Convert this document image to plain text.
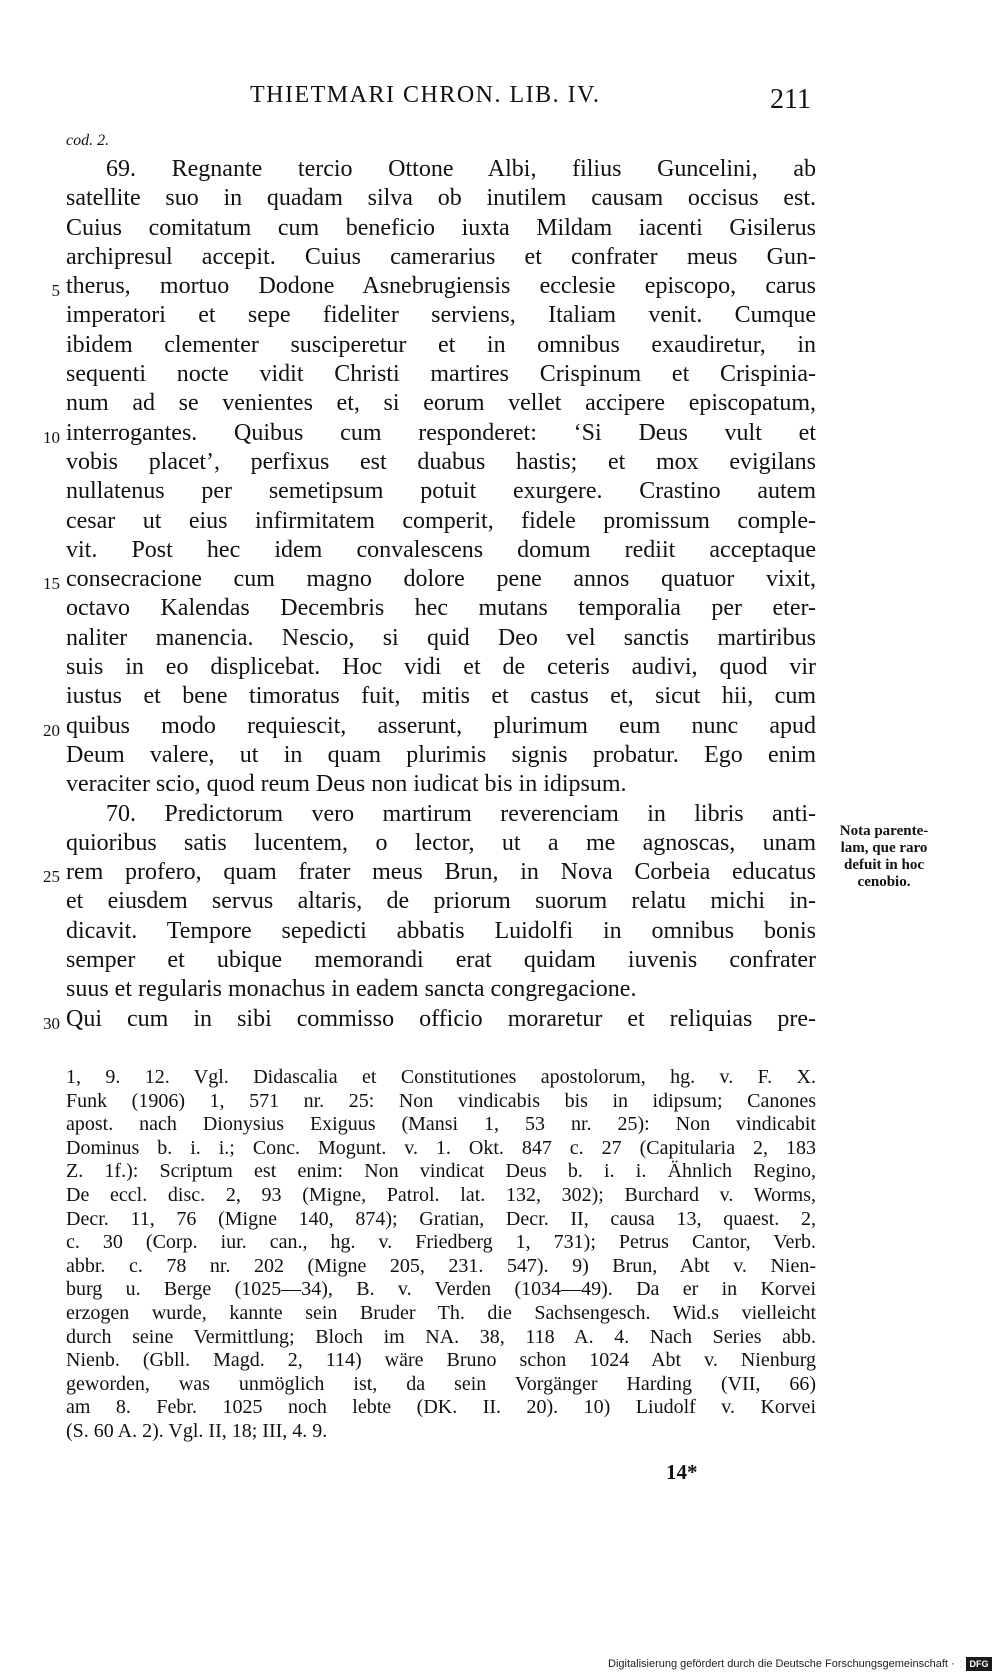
THIETMARI CHRON. LIB. IV.	211
cod. 2.
69. Regnante tercio Ottone Albi, filius Guncelini, ab
satellite suo in quadam silva ob inutilem causam occisus est.
Cuius comitatum cum beneficio iuxta Mildam iacenti Gisilerus
archipresul accepit. Cuius camerarius et confrater meus Gun-
therus, mortuo Dodone Asnebrugiensis ecclesie episcopo, carus
5
imperatori et sepe fideliter serviens, Italiam venit. Cumque
ibidem clementer susciperetur et in omnibus exaudiretur, in
sequenti nocte vidit Christi martires Crispinum et Crispinia-
num ad se venientes et, si eorum vellet accipere episcopatum,
interrogantes. Quibus cum responderet: ‘Si Deus vult et
10
vobis placet’, perfixus est duabus hastis; et mox evigilans
nullatenus per semetipsum potuit exurgere. Crastino autem
cesar ut eius infirmitatem comperit, fidele promissum comple-
vit. Post hec idem convalescens domum rediit acceptaque
consecracione cum magno dolore pene annos quatuor vixit,
15
octavo Kalendas Decembris hec mutans temporalia per eter-
naliter manencia. Nescio, si quid Deo vel sanctis martiribus
suis in eo displicebat. Hoc vidi et de ceteris audivi, quod vir
iustus et bene timoratus fuit, mitis et castus et, sicut hii, cum
quibus modo requiescit, asserunt, plurimum eum nunc apud
20
Deum valere, ut in quam plurimis signis probatur. Ego enim
veraciter scio, quod reum Deus non iudicat bis in idipsum.
70. Predictorum vero martirum reverenciam in libris anti-
quioribus satis lucentem, o lector, ut a me agnoscas, unam
rem profero, quam frater meus Brun, in Nova Corbeia educatus
25
et eiusdem servus altaris, de priorum suorum relatu michi in-
dicavit. Tempore sepedicti abbatis Luidolfi in omnibus bonis
semper et ubique memorandi erat quidam iuvenis confrater
suus et regularis monachus in eadem sancta congregacione.
Qui cum in sibi commisso officio moraretur et reliquias pre-
30
Nota parente-
lam, que raro
defuit in hoc
cenobio.
1, 9. 12. Vgl. Didascalia et Constitutiones apostolorum, hg. v. F. X.
Funk (1906) 1, 571 nr. 25: Non vindicabis bis in idipsum; Canones
apost. nach Dionysius Exiguus (Mansi 1, 53 nr. 25): Non vindicabit
Dominus b. i. i.; Conc. Mogunt. v. 1. Okt. 847 c. 27 (Capitularia 2, 183
Z. 1f.): Scriptum est enim: Non vindicat Deus b. i. i. Ähnlich Regino,
De eccl. disc. 2, 93 (Migne, Patrol. lat. 132, 302); Burchard v. Worms,
Decr. 11, 76 (Migne 140, 874); Gratian, Decr. II, causa 13, quaest. 2,
c. 30 (Corp. iur. can., hg. v. Friedberg 1, 731); Petrus Cantor, Verb.
abbr. c. 78 nr. 202 (Migne 205, 231. 547). 9) Brun, Abt v. Nien-
burg u. Berge (1025—34), B. v. Verden (1034—49). Da er in Korvei
erzogen wurde, kannte sein Bruder Th. die Sachsengesch. Wid.s vielleicht
durch seine Vermittlung; Bloch im NA. 38, 118 A. 4. Nach Series abb.
Nienb. (Gbll. Magd. 2, 114) wäre Bruno schon 1024 Abt v. Nienburg
geworden, was unmöglich ist, da sein Vorgänger Harding (VII, 66)
am 8. Febr. 1025 noch lebte (DK. II. 20). 10) Liudolf v. Korvei
(S. 60 A. 2). Vgl. II, 18; III, 4. 9.
14*
Digitalisierung gefördert durch die Deutsche Forschungsgemeinschaft ·	DFG
